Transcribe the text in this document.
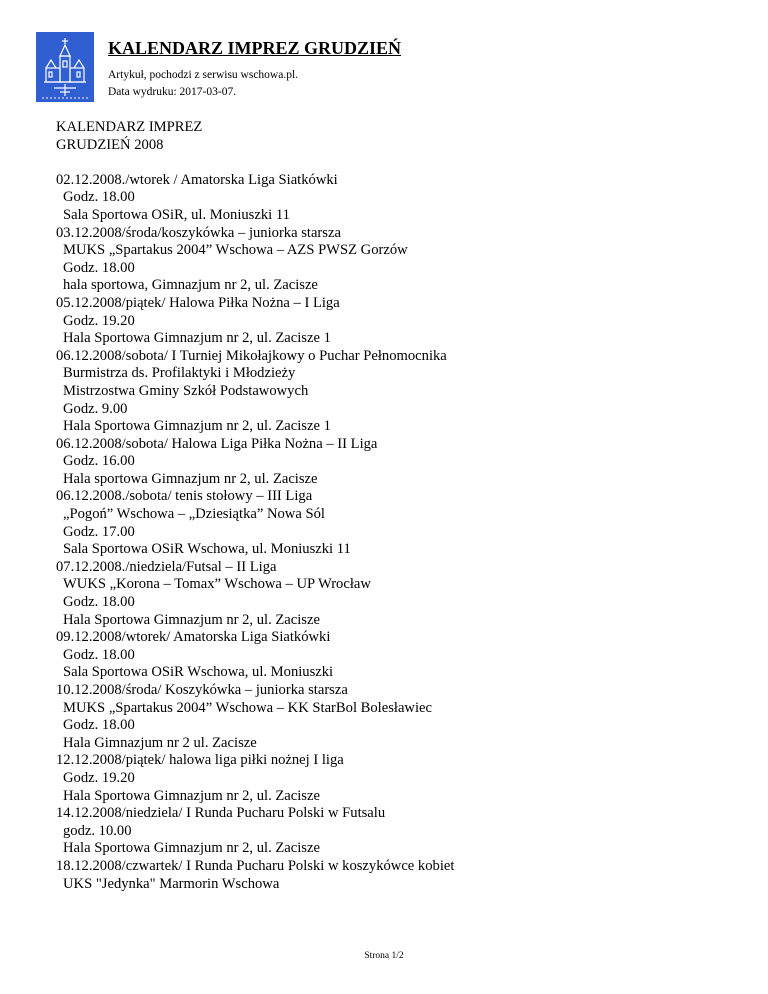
KALENDARZ IMPREZ GRUDZIEŃ
Artykuł, pochodzi z serwisu wschowa.pl.
Data wydruku: 2017-03-07.
KALENDARZ IMPREZ
GRUDZIEŃ 2008
02.12.2008./wtorek / Amatorska Liga Siatkówki
Godz. 18.00
Sala Sportowa OSiR, ul. Moniuszki 11
03.12.2008/środa/koszykówka – juniorka starsza
MUKS „Spartakus 2004” Wschowa – AZS PWSZ Gorzów
Godz. 18.00
hala sportowa, Gimnazjum nr 2, ul. Zacisze
05.12.2008/piątek/ Halowa Piłka Nożna – I Liga
Godz. 19.20
Hala Sportowa Gimnazjum nr 2, ul. Zacisze 1
06.12.2008/sobota/ I Turniej Mikołajkowy o Puchar Pełnomocnika
Burmistrza ds. Profilaktyki i Młodzieży
Mistrzostwa Gminy Szkół Podstawowych
Godz. 9.00
Hala Sportowa Gimnazjum nr 2, ul. Zacisze 1
06.12.2008/sobota/ Halowa Liga Piłka Nożna – II Liga
Godz. 16.00
Hala sportowa Gimnazjum nr 2, ul. Zacisze
06.12.2008./sobota/ tenis stołowy – III Liga
„Pogoń” Wschowa – „Dziesiątka” Nowa Sól
Godz. 17.00
Sala Sportowa OSiR Wschowa, ul. Moniuszki 11
07.12.2008./niedziela/Futsal – II Liga
WUKS „Korona – Tomax” Wschowa – UP Wrocław
Godz. 18.00
Hala Sportowa Gimnazjum nr 2, ul. Zacisze
09.12.2008/wtorek/ Amatorska Liga Siatkówki
Godz. 18.00
Sala Sportowa OSiR Wschowa, ul. Moniuszki
10.12.2008/środa/ Koszykówka – juniorka starsza
MUKS „Spartakus 2004” Wschowa – KK StarBol Bolesławiec
Godz. 18.00
Hala Gimnazjum nr 2 ul. Zacisze
12.12.2008/piątek/ halowa liga piłki nożnej I liga
Godz. 19.20
Hala Sportowa Gimnazjum nr 2, ul. Zacisze
14.12.2008/niedziela/ I Runda Pucharu Polski w Futsalu
godz. 10.00
Hala Sportowa Gimnazjum nr 2, ul. Zacisze
18.12.2008/czwartek/ I Runda Pucharu Polski w koszykówce kobiet
UKS "Jedynka" Marmorin Wschowa
Strona 1/2
